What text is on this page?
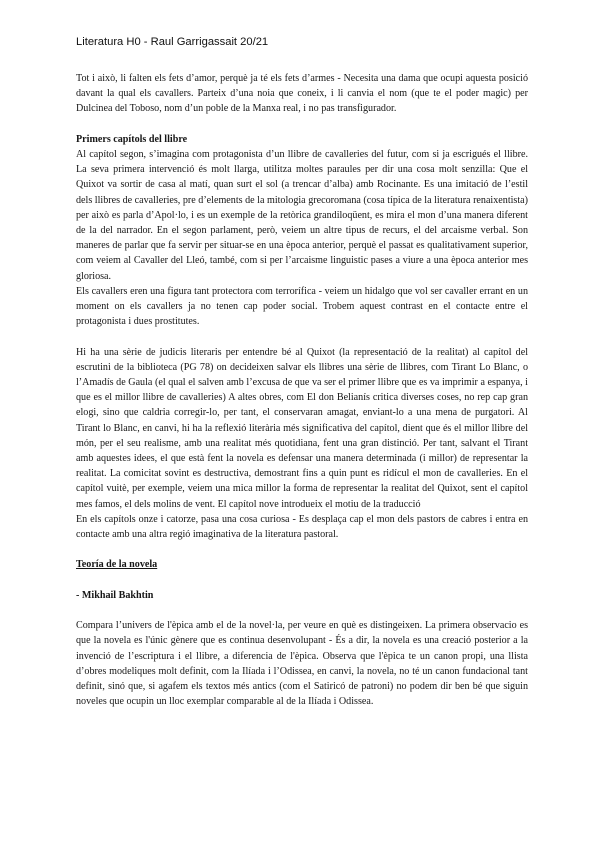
Literatura H0 - Raul Garrigassait 20/21

Tot i això, li falten els fets d’amor, perquè ja té els fets d’armes - Necesita una dama que ocupi aquesta posició davant la qual els cavallers. Parteix d’una noia que coneix, i li canvia el nom (que te el poder magic) per Dulcinea del Toboso, nom d’un poble de la Manxa real, i no pas transfigurador.

Primers capítols del llibre

Al capítol segon, s’imagina com protagonista d’un llibre de cavalleries del futur, com si ja escrigués el llibre. La seva primera intervenció és molt llarga, utilitza moltes paraules per dir una cosa molt senzilla: Que el Quixot va sortir de casa al matí, quan surt el sol (a trencar d’alba) amb Rocinante. Es una imitació de l’estil dels llibres de cavalleries, pre d’elements de la mitologia grecoromana (cosa típica de la literatura renaixentista) per això es parla d’Apol·lo, i es un exemple de la retòrica grandiloqüent, es mira el mon d’una manera diferent de la del narrador. En el segon parlament, però, veiem un altre tipus de recurs, el del arcaisme verbal. Son maneres de parlar que fa servir per situar-se en una època anterior, perquè el passat es qualitativament superior, com veiem al Cavaller del Lleó, també, com si per l’arcaisme linguistic pases a viure a una època anterior mes gloriosa.

Els cavallers eren una figura tant protectora com terrorífica - veiem un hidalgo que vol ser cavaller errant en un moment on els cavallers ja no tenen cap poder social. Trobem aquest contrast en el contacte entre el protagonista i dues prostitutes.

Hi ha una sèrie de judicis literaris per entendre bé al Quixot (la representació de la realitat) al capítol del escrutini de la biblioteca (PG 78) on decideixen salvar els llibres una sèrie de llibres, com Tirant Lo Blanc, o l’Amadís de Gaula (el qual el salven amb l’excusa de que va ser el primer llibre que es va imprimir a espanya, i que es el millor llibre de cavalleries) A altes obres, com El don Belianís critica diverses coses, no rep cap gran elogi, sino que caldria corregir-lo, per tant, el conservaran amagat, enviant-lo a una mena de purgatori. Al Tirant lo Blanc, en canvi, hi ha la reflexió literària més significativa del capítol, dient que és el millor llibre del món, per el seu realisme, amb una realitat més quotidiana, fent una gran distinció. Per tant, salvant el Tirant amb aquestes idees, el que està fent la novela es defensar una manera determinada (i millor) de representar la realitat. La comicitat sovint es destructiva, demostrant fins a quin punt es ridícul el mon de cavalleries. En el capítol vuitè, per exemple, veiem una mica millor la forma de representar la realitat del Quixot, sent el capítol mes famos, el dels molins de vent. El capítol nove introdueix el motiu de la traducció

En els capítols onze i catorze, pasa una cosa curiosa - Es desplaça cap el mon dels pastors de cabres i entra en contacte amb una altra regió imaginativa de la literatura pastoral.

Teoría de la novela

- Mikhail Bakhtin

Compara l’univers de l'èpica amb el de la novel·la, per veure en què es distingeixen. La primera observacio es que la novela es l'únic gènere que es continua desenvolupant - És a dir, la novela es una creació posterior a la invenció de l’escriptura i el llibre, a diferencia de l'èpica. Observa que l'èpica te un canon propi, una llista d’obres modeliques molt definit, com la Ilíada i l’Odissea, en canvi, la novela, no té un canon fundacional tant definit, sinó que, si agafem els textos més antics (com el Satiricó de patroni) no podem dir ben bé que siguin noveles que ocupin un lloc exemplar comparable al de la Ilíada i Odissea.
